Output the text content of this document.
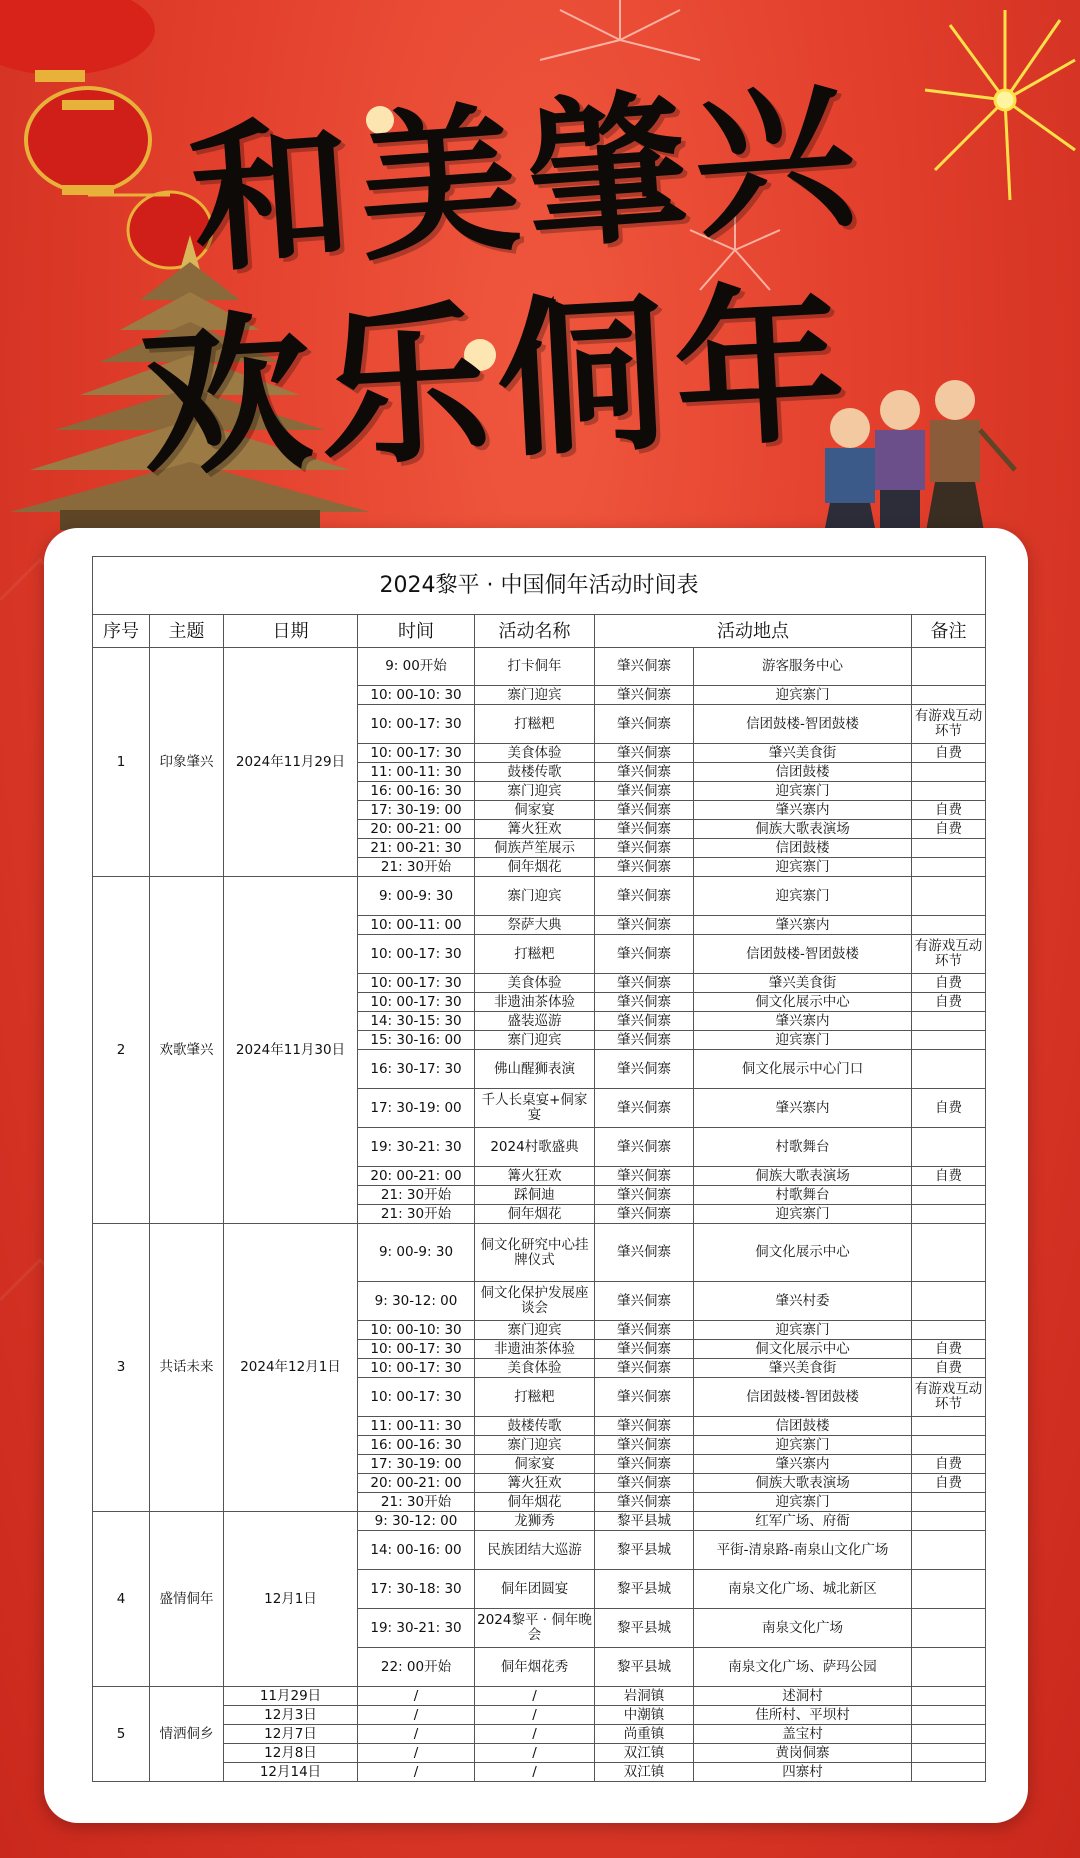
和美肇兴
欢乐侗年
2024黎平 · 中国侗年活动时间表							
序号	主题	日期	时间	活动名称	活动地点		备注
1	印象肇兴	2024年11月29日	9: 00开始	打卡侗年	肇兴侗寨	游客服务中心	
			10: 00-10: 30	寨门迎宾	肇兴侗寨	迎宾寨门	
			10: 00-17: 30	打糍粑	肇兴侗寨	信团鼓楼-智团鼓楼	有游戏互动环节
			10: 00-17: 30	美食体验	肇兴侗寨	肇兴美食街	自费
			11: 00-11: 30	鼓楼传歌	肇兴侗寨	信团鼓楼	
			16: 00-16: 30	寨门迎宾	肇兴侗寨	迎宾寨门	
			17: 30-19: 00	侗家宴	肇兴侗寨	肇兴寨内	自费
			20: 00-21: 00	篝火狂欢	肇兴侗寨	侗族大歌表演场	自费
			21: 00-21: 30	侗族芦笙展示	肇兴侗寨	信团鼓楼	
			21: 30开始	侗年烟花	肇兴侗寨	迎宾寨门	
2	欢歌肇兴	2024年11月30日	9: 00-9: 30	寨门迎宾	肇兴侗寨	迎宾寨门	
			10: 00-11: 00	祭萨大典	肇兴侗寨	肇兴寨内	
			10: 00-17: 30	打糍粑	肇兴侗寨	信团鼓楼-智团鼓楼	有游戏互动环节
			10: 00-17: 30	美食体验	肇兴侗寨	肇兴美食街	自费
			10: 00-17: 30	非遗油茶体验	肇兴侗寨	侗文化展示中心	自费
			14: 30-15: 30	盛装巡游	肇兴侗寨	肇兴寨内	
			15: 30-16: 00	寨门迎宾	肇兴侗寨	迎宾寨门	
			16: 30-17: 30	佛山醒狮表演	肇兴侗寨	侗文化展示中心门口	
			17: 30-19: 00	千人长桌宴+侗家宴	肇兴侗寨	肇兴寨内	自费
			19: 30-21: 30	2024村歌盛典	肇兴侗寨	村歌舞台	
			20: 00-21: 00	篝火狂欢	肇兴侗寨	侗族大歌表演场	自费
			21: 30开始	踩侗迪	肇兴侗寨	村歌舞台	
			21: 30开始	侗年烟花	肇兴侗寨	迎宾寨门	
3	共话未来	2024年12月1日	9: 00-9: 30	侗文化研究中心挂牌仪式	肇兴侗寨	侗文化展示中心	
			9: 30-12: 00	侗文化保护发展座谈会	肇兴侗寨	肇兴村委	
			10: 00-10: 30	寨门迎宾	肇兴侗寨	迎宾寨门	
			10: 00-17: 30	非遗油茶体验	肇兴侗寨	侗文化展示中心	自费
			10: 00-17: 30	美食体验	肇兴侗寨	肇兴美食街	自费
			10: 00-17: 30	打糍粑	肇兴侗寨	信团鼓楼-智团鼓楼	有游戏互动环节
			11: 00-11: 30	鼓楼传歌	肇兴侗寨	信团鼓楼	
			16: 00-16: 30	寨门迎宾	肇兴侗寨	迎宾寨门	
			17: 30-19: 00	侗家宴	肇兴侗寨	肇兴寨内	自费
			20: 00-21: 00	篝火狂欢	肇兴侗寨	侗族大歌表演场	自费
			21: 30开始	侗年烟花	肇兴侗寨	迎宾寨门	
4	盛情侗年	12月1日	9: 30-12: 00	龙狮秀	黎平县城	红军广场、府衙	
			14: 00-16: 00	民族团结大巡游	黎平县城	平街-清泉路-南泉山文化广场	
			17: 30-18: 30	侗年团圆宴	黎平县城	南泉文化广场、城北新区	
			19: 30-21: 30	2024黎平 · 侗年晚会	黎平县城	南泉文化广场	
			22: 00开始	侗年烟花秀	黎平县城	南泉文化广场、萨玛公园	
5	情洒侗乡	11月29日	/	/	岩洞镇	述洞村	
		12月3日	/	/	中潮镇	佳所村、平坝村	
		12月7日	/	/	尚重镇	盖宝村	
		12月8日	/	/	双江镇	黄岗侗寨	
		12月14日	/	/	双江镇	四寨村	
